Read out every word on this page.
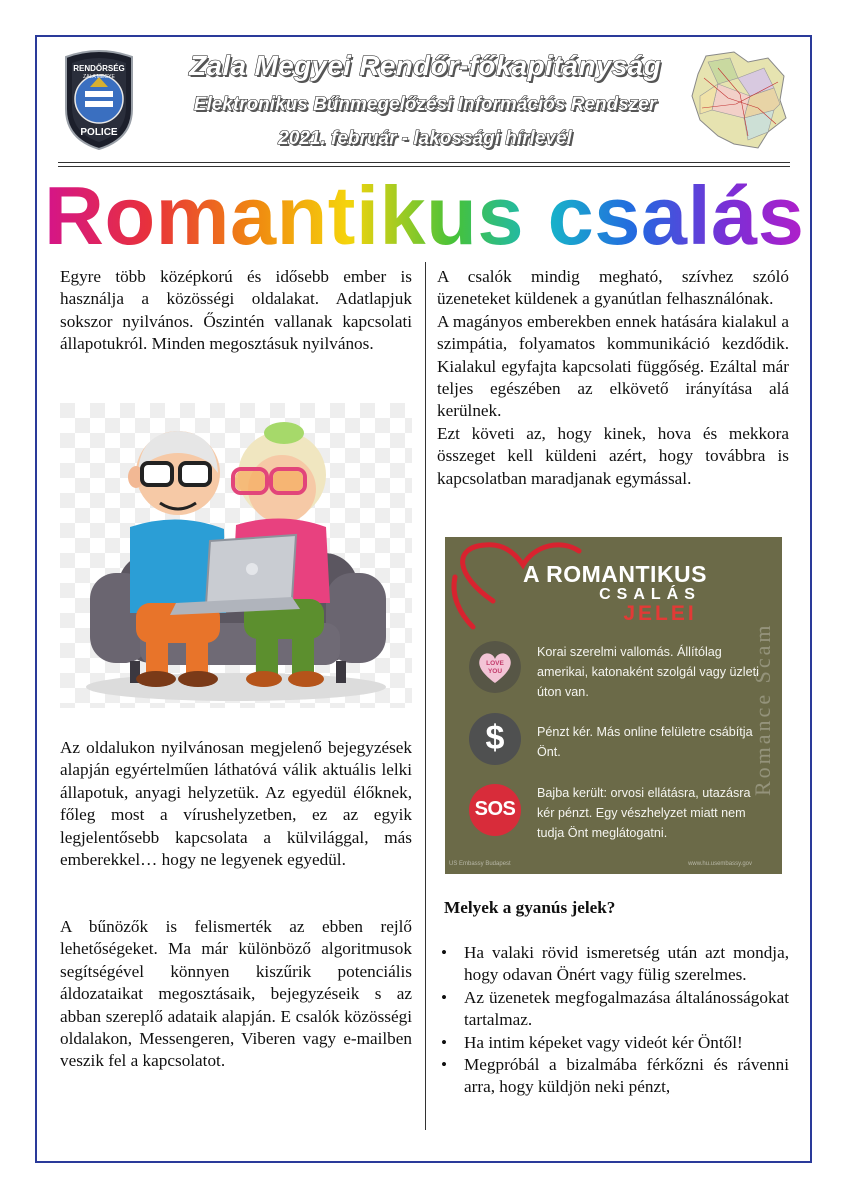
RENDŐRSÉG
ZALA MEGYE
POLICE
Zala Megyei Rendőr-főkapitányság
Elektronikus Bűnmegelőzési Információs Rendszer
2021. február - lakossági hírlevél
Romantikus csalás

Egyre több középkorú és idősebb ember is használja a közösségi oldalakat. Adatlapjuk sokszor nyilvános. Őszintén vallanak kapcsolati állapotukról. Minden megosztásuk nyilvános.

Az oldalukon nyilvánosan megjelenő bejegyzések alapján egyértelműen láthatóvá válik aktuális lelki állapotuk, anyagi helyzetük. Az egyedül élőknek, főleg most a vírushelyzetben, ez az egyik legjelentősebb kapcsolata a külvilággal, más emberekkel… hogy ne legyenek egyedül.

A bűnözők is felismerték az ebben rejlő lehetőségeket. Ma már különböző algoritmusok segítségével könnyen kiszűrik potenciális áldozataikat megosztásaik, bejegyzéseik s az abban szereplő adataik alapján. E csalók közösségi oldalakon, Messengeren, Viberen vagy e-mailben veszik fel a kapcsolatot.

A csalók mindig megható, szívhez szóló üzeneteket küldenek a gyanútlan felhasználónak.
A magányos emberekben ennek hatására kialakul a szimpátia, folyamatos kommunikáció kezdődik. Kialakul egyfajta kapcsolati függőség. Ezáltal már teljes egészében az elkövető irányítása alá kerülnek.
Ezt követi az, hogy kinek, hova és mekkora összeget kell küldeni azért, hogy továbbra is kapcsolatban maradjanak egymással.

A ROMANTIKUS
CSALÁS
JELEI
Romance Scam
LOVE
YOU
$
SOS
Korai szerelmi vallomás. Állítólag amerikai, katonaként szolgál vagy üzleti úton van.
Pénzt kér. Más online felületre csábítja Önt.
Bajba került: orvosi ellátásra, utazásra kér pénzt. Egy vészhelyzet miatt nem tudja Önt meglátogatni.
US Embassy Budapest	www.hu.usembassy.gov
Melyek a gyanús jelek?
• Ha valaki rövid ismeretség után azt mondja, hogy odavan Önért vagy fülig szerelmes.
• Az üzenetek megfogalmazása általánosságokat tartalmaz.
• Ha intim képeket vagy videót kér Öntől!
• Megpróbál a bizalmába férkőzni és rávenni arra, hogy küldjön neki pénzt,
